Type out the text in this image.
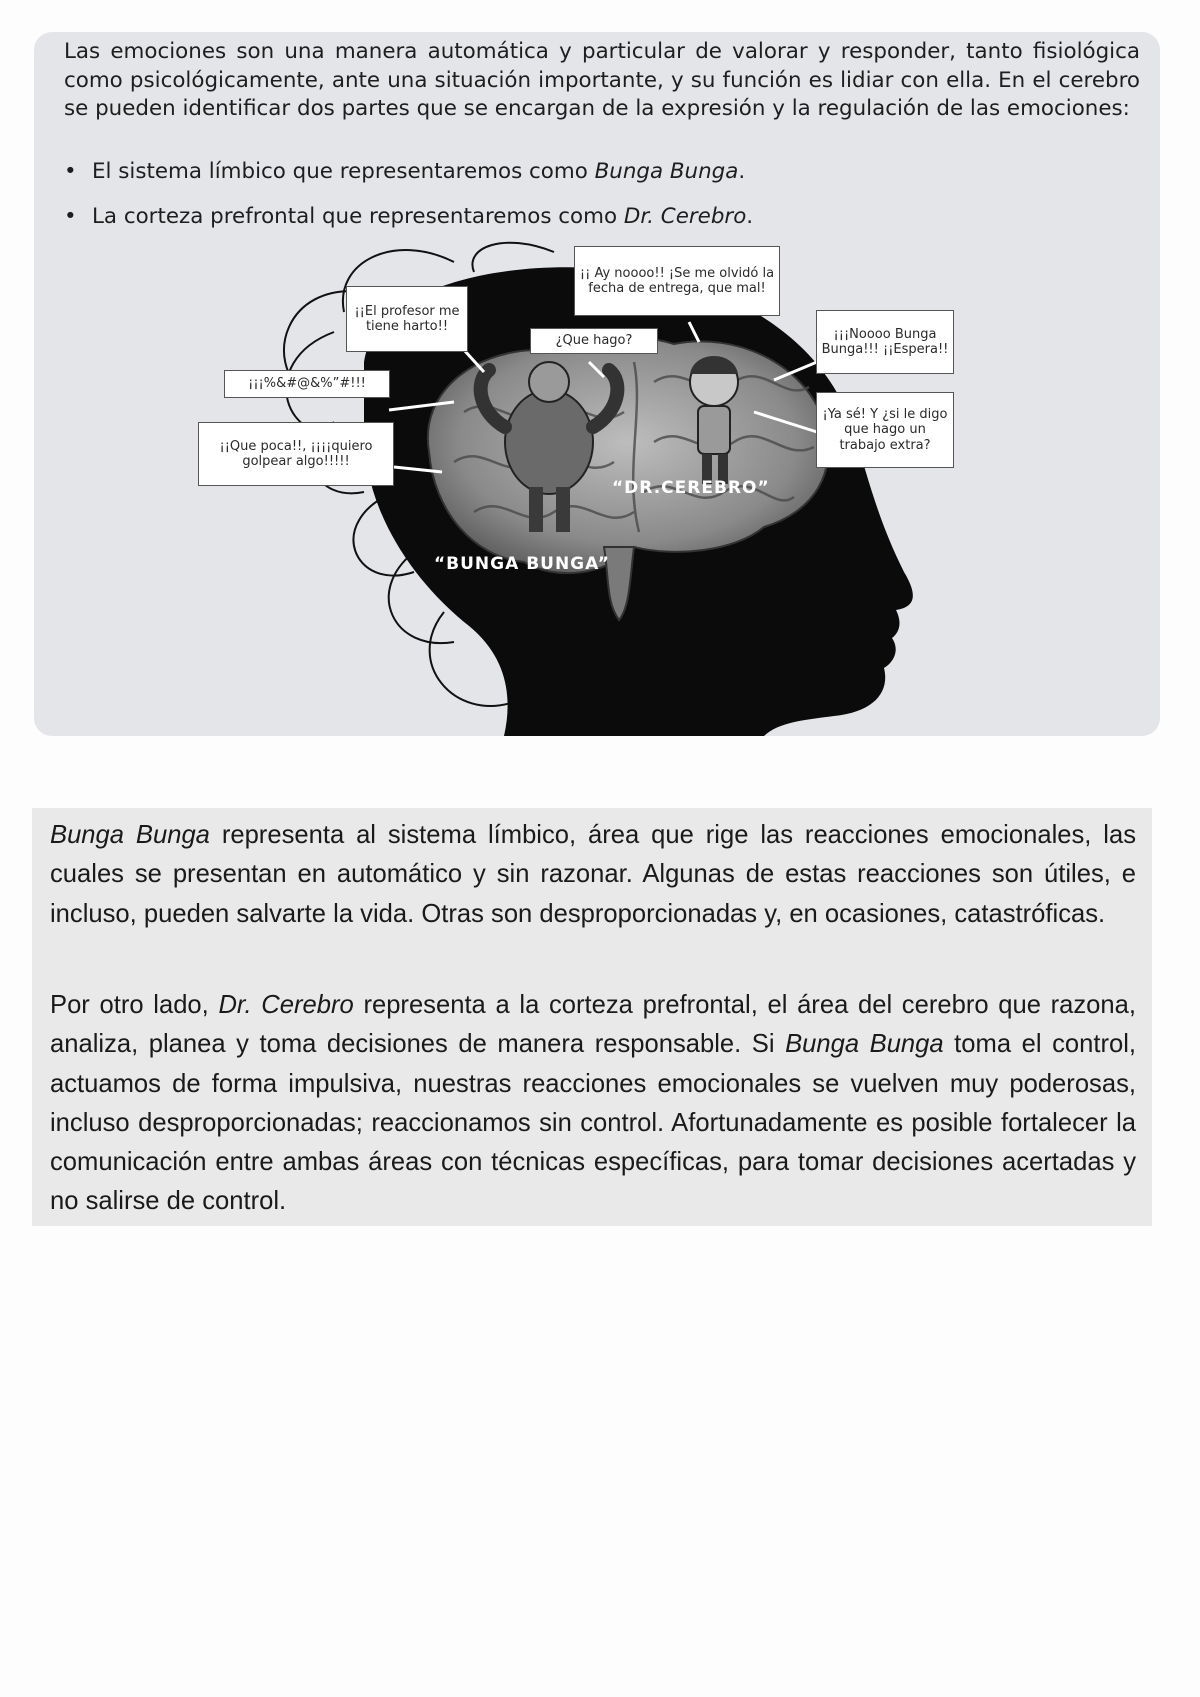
Las emociones son una manera automática y particular de valorar y responder, tanto fisiológica como psicológicamente, ante una situación importante, y su función es lidiar con ella. En el cerebro se pueden identificar dos partes que se encargan de la expresión y la regulación de las emociones:

• El sistema límbico que representaremos como Bunga Bunga.
• La corteza prefrontal que representaremos como Dr. Cerebro.
¡¡ Ay noooo!! ¡Se me olvidó la fecha de entrega, que mal!
¡¡El profesor me tiene harto!!
¿Que hago?	¡¡¡Noooo Bunga Bunga!!! ¡¡Espera!!
¡¡¡%&#@&%”#!!!
¡¡Que poca!!, ¡¡¡¡quiero golpear algo!!!!!
¡Ya sé! Y ¿si le digo que hago un trabajo extra?
“DR.CEREBRO”
“BUNGA BUNGA”

Bunga Bunga representa al sistema límbico, área que rige las reacciones emocionales, las cuales se presentan en automático y sin razonar. Algunas de estas reacciones son útiles, e incluso, pueden salvarte la vida. Otras son desproporcionadas y, en ocasiones, catastróficas.

Por otro lado, Dr. Cerebro representa a la corteza prefrontal, el área del cerebro que razona, analiza, planea y toma decisiones de manera responsable. Si Bunga Bunga toma el control, actuamos de forma impulsiva, nuestras reacciones emocionales se vuelven muy poderosas, incluso desproporcionadas; reaccionamos sin control. Afortunadamente es posible fortalecer la comunicación entre ambas áreas con técnicas específicas, para tomar decisiones acertadas y no salirse de control.
